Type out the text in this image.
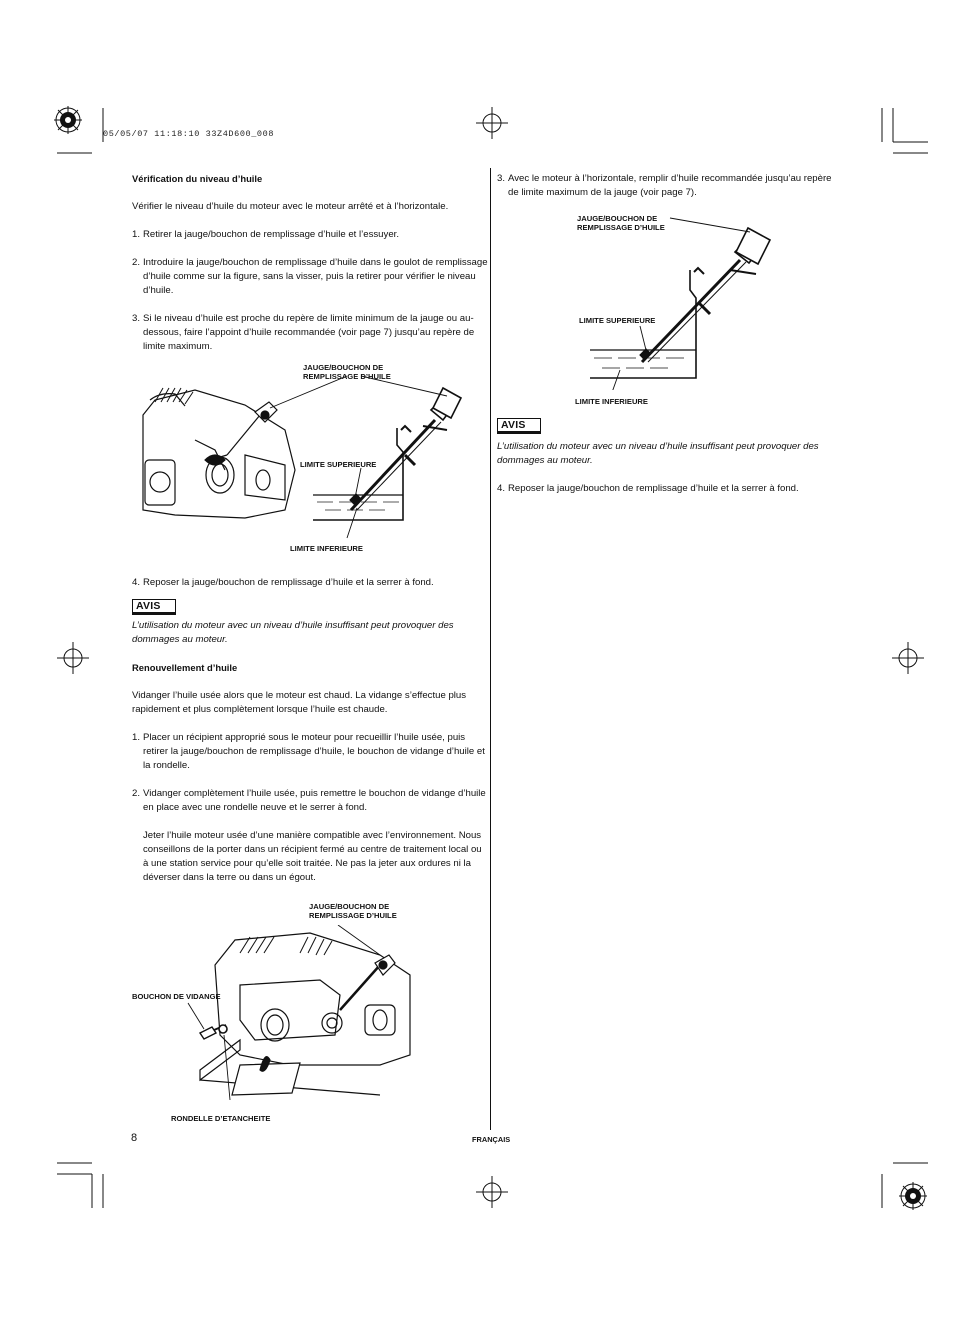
05/05/07 11:18:10 33Z4D600_008

Vérification du niveau d’huile

Vérifier le niveau d’huile du moteur avec le moteur arrêté et à l’horizontale.

1. Retirer la jauge/bouchon de remplissage d’huile et l’essuyer.
2. Introduire la jauge/bouchon de remplissage d’huile dans le goulot de remplissage d’huile comme sur la figure, sans la visser, puis la retirer pour vérifier le niveau d’huile.
3. Si le niveau d’huile est proche du repère de limite minimum de la jauge ou au-dessous, faire l’appoint d’huile recommandée (voir page 7) jusqu’au repère de limite maximum.
JAUGE/BOUCHON DE
REMPLISSAGE D’HUILE
LIMITE SUPERIEURE
LIMITE INFERIEURE
4. Reposer la jauge/bouchon de remplissage d’huile et la serrer à fond.
AVIS

L’utilisation du moteur avec un niveau d’huile insuffisant peut provoquer des dommages au moteur.

Renouvellement d’huile

Vidanger l’huile usée alors que le moteur est chaud. La vidange s’effectue plus rapidement et plus complètement lorsque l’huile est chaude.

1. Placer un récipient approprié sous le moteur pour recueillir l’huile usée, puis retirer la jauge/bouchon de remplissage d’huile, le bouchon de vidange d’huile et la rondelle.
2. Vidanger complètement l’huile usée, puis remettre le bouchon de vidange d’huile en place avec une rondelle neuve et le serrer à fond.

Jeter l’huile moteur usée d’une manière compatible avec l’environnement. Nous conseillons de la porter dans un récipient fermé au centre de traitement local ou à une station service pour qu’elle soit traitée. Ne pas la jeter aux ordures ni la déverser dans la terre ou dans un égout.

JAUGE/BOUCHON DE
REMPLISSAGE D’HUILE
BOUCHON DE VIDANGE
RONDELLE D’ETANCHEITE
3. Avec le moteur à l’horizontale, remplir d’huile recommandée jusqu’au repère de limite maximum de la jauge (voir page 7).
JAUGE/BOUCHON DE
REMPLISSAGE D’HUILE
LIMITE SUPERIEURE
LIMITE INFERIEURE
AVIS

L’utilisation du moteur avec un niveau d’huile insuffisant peut provoquer des dommages au moteur.

4. Reposer la jauge/bouchon de remplissage d’huile et la serrer à fond.
8	FRANÇAIS
